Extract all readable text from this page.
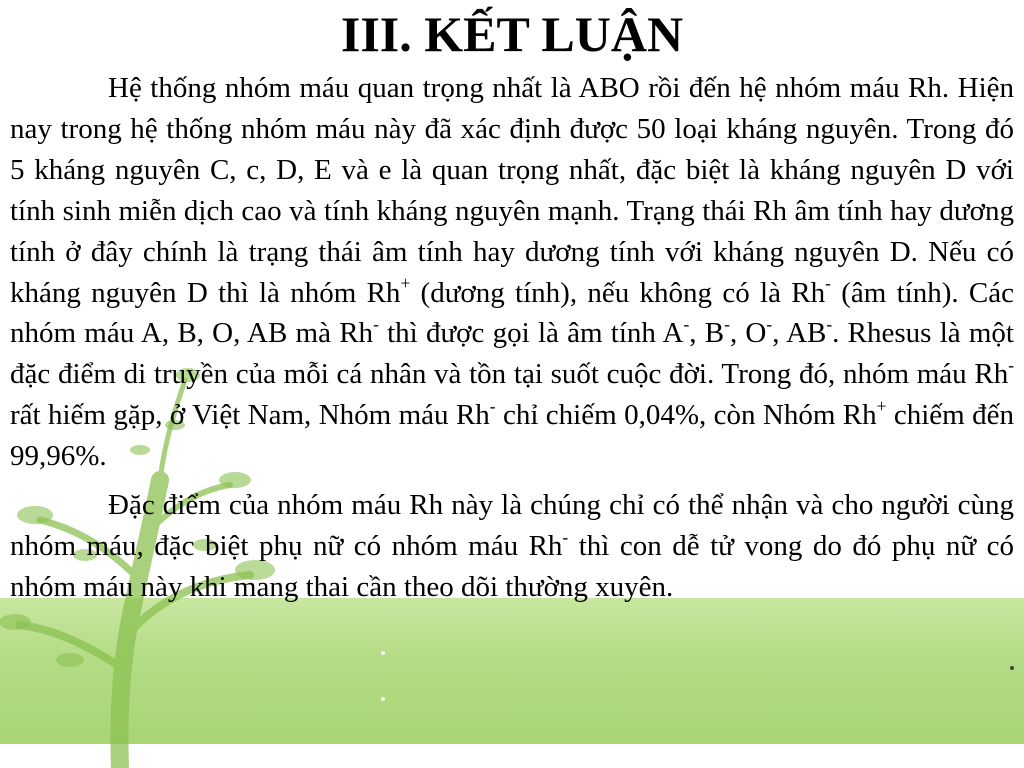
III. KẾT LUẬN

Hệ thống nhóm máu quan trọng nhất là ABO rồi đến hệ nhóm máu Rh. Hiện nay trong hệ thống nhóm máu này đã xác định được 50 loại kháng nguyên. Trong đó 5 kháng nguyên C, c, D, E và e là quan trọng nhất, đặc biệt là kháng nguyên D với tính sinh miễn dịch cao và tính kháng nguyên mạnh. Trạng thái Rh âm tính hay dương tính ở đây chính là trạng thái âm tính hay dương tính với kháng nguyên D. Nếu có kháng nguyên D thì là nhóm Rh+ (dương tính), nếu không có là Rh- (âm tính). Các nhóm máu A, B, O, AB mà Rh- thì được gọi là âm tính A-, B-, O-, AB-. Rhesus là một đặc điểm di truyền của mỗi cá nhân và tồn tại suốt cuộc đời. Trong đó, nhóm máu Rh- rất hiếm gặp, ở Việt Nam, Nhóm máu Rh- chỉ chiếm 0,04%, còn Nhóm Rh+ chiếm đến 99,96%.

Đặc điểm của nhóm máu Rh này là chúng chỉ có thể nhận và cho người cùng nhóm máu, đặc biệt phụ nữ có nhóm máu Rh- thì con dễ tử vong do đó phụ nữ có nhóm máu này khi mang thai cần theo dõi thường xuyên.
